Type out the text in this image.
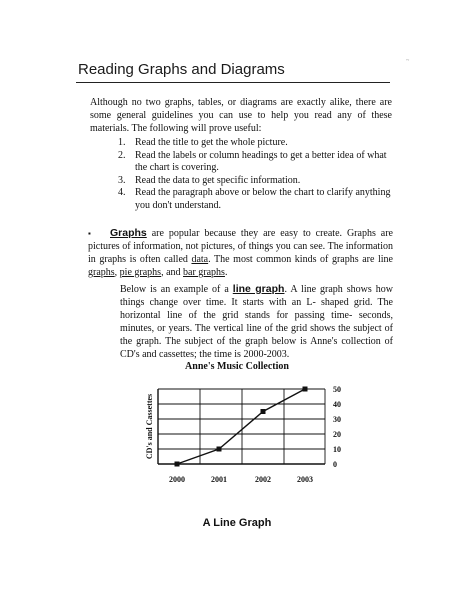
~
Reading Graphs and Diagrams

Although no two graphs, tables, or diagrams are exactly alike, there are some general guidelines you can use to help you read any of these materials. The following will prove useful:

1. Read the title to get the whole picture.
2. Read the labels or column headings to get a better idea of what the chart is covering.
3. Read the data to get specific information.
4. Read the paragraph above or below the chart to clarify anything you don't understand.

▪ Graphs are popular because they are easy to create. Graphs are pictures of information, not pictures, of things you can see. The information in graphs is often called data. The most common kinds of graphs are line graphs, pie graphs, and bar graphs.

Below is an example of a line graph. A line graph shows how things change over time. It starts with an L- shaped grid. The horizontal line of the grid stands for passing time- seconds, minutes, or years. The vertical line of the grid shows the subject of the graph. The subject of the graph below is Anne's collection of CD's and cassettes; the time is 2000-2003.

Anne's Music Collection
50
40
30
20
10
0
2000	2001	2002	2003
CD's and Cassettes
A Line Graph
